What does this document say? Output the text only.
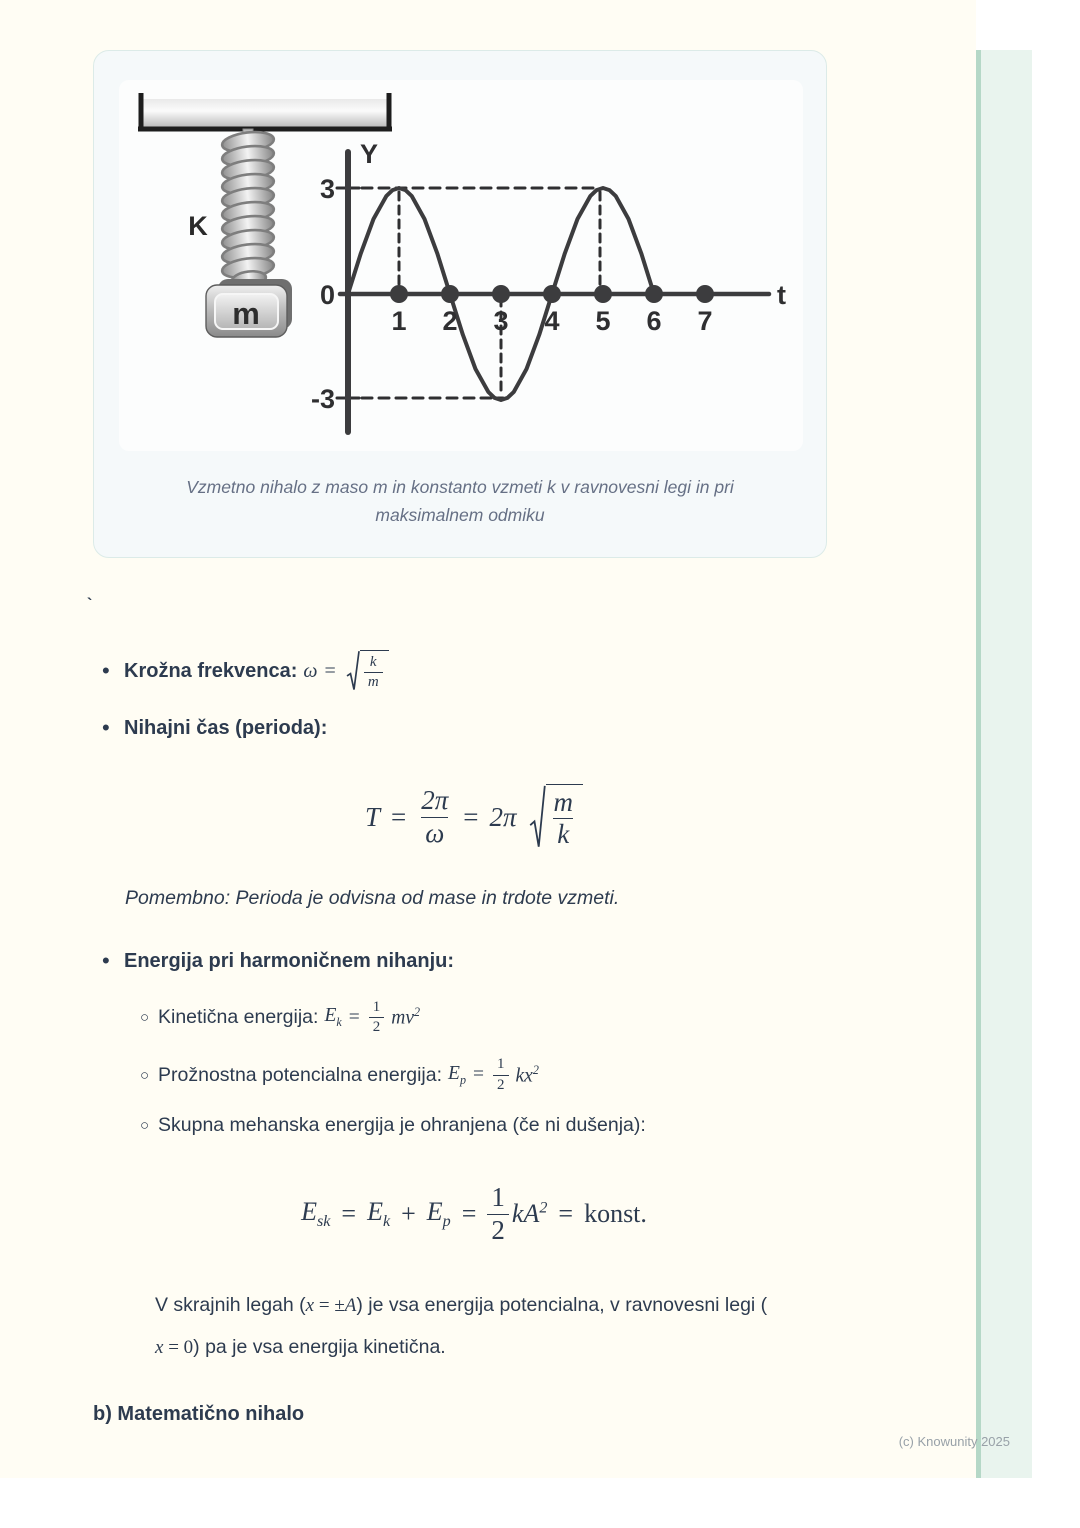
K
m
Y
t
3
0
-3
1 2 3 4 5 6 7
Vzmetno nihalo z maso m in konstanto vzmeti k v ravnovesni legi in pri maksimalnem odmiku
`
• Krožna frekvenca: $\omega = \frac{k}{m}$
• Nihajni čas (perioda):
$T = \frac{2\pi}{\omega} = 2\pi \frac{m}{k}$
Pomembno: Perioda je odvisna od mase in trdote vzmeti.
• Energija pri harmoničnem nihanju:
○ Kinetična energija: $E_k = \frac{1}{2} mv^2$
○ Prožnostna potencialna energija: $E_p = \frac{1}{2} kx^2$
○ Skupna mehanska energija je ohranjena (če ni dušenja):
$E_{sk} = E_k + E_p = \frac{1}{2} kA^2$ = konst.
V skrajnih legah (x = ±A) je vsa energija potencialna, v ravnovesni legi (
x = 0) pa je vsa energija kinetična.
b) Matematično nihalo
(c) Knowunity 2025
